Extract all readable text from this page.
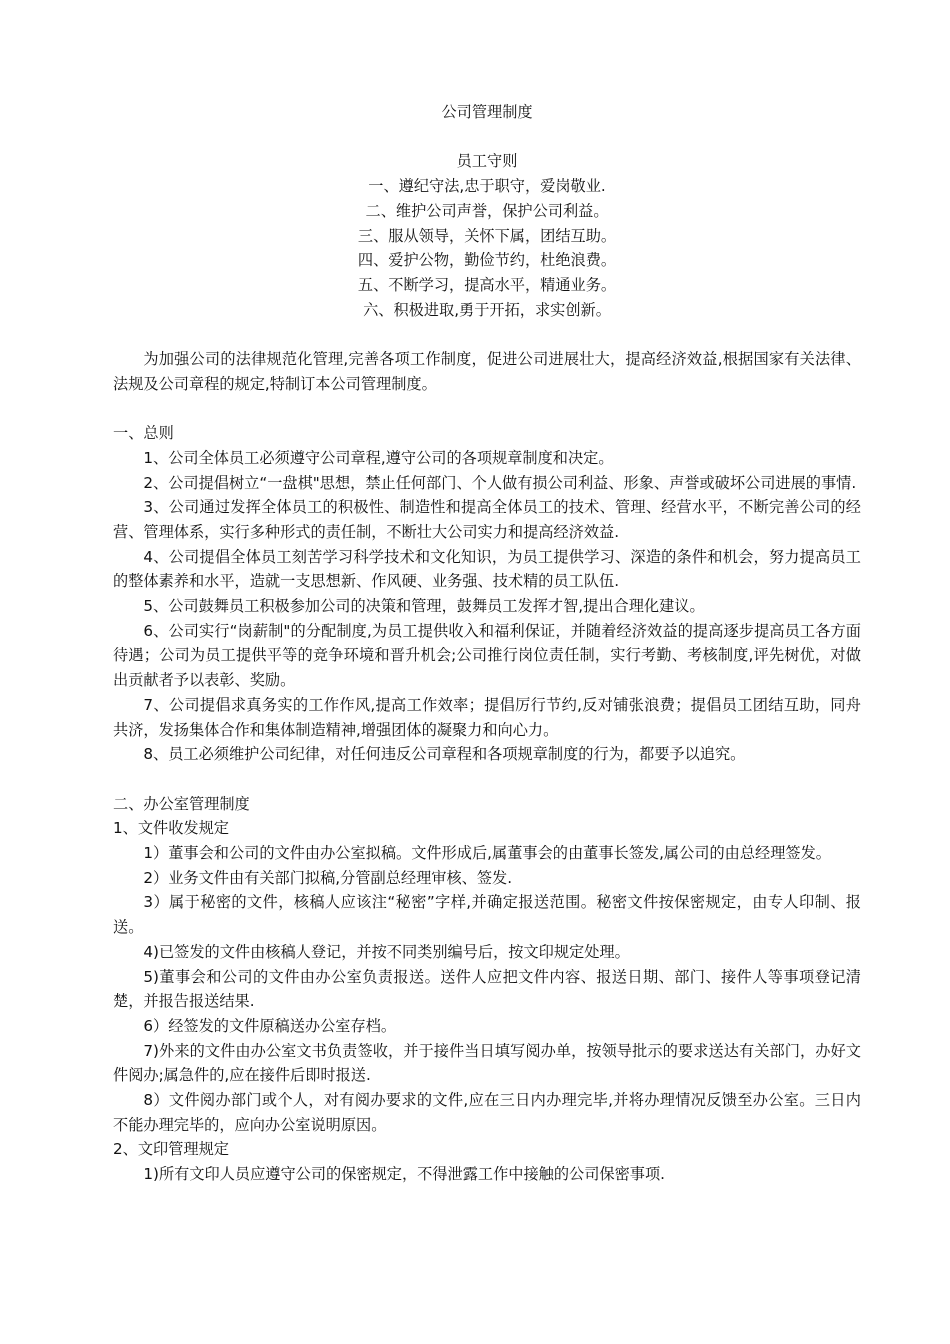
公司管理制度

员工守则

一、遵纪守法,忠于职守，爱岗敬业.
二、维护公司声誉，保护公司利益。
三、服从领导，关怀下属，团结互助。
四、爱护公物，勤俭节约，杜绝浪费。
五、不断学习，提高水平，精通业务。
六、积极进取,勇于开拓，求实创新。

为加强公司的法律规范化管理,完善各项工作制度，促进公司进展壮大，提高经济效益,根据国家有关法律、法规及公司章程的规定,特制订本公司管理制度。

一、总则

1、公司全体员工必须遵守公司章程,遵守公司的各项规章制度和决定。

2、公司提倡树立“一盘棋"思想，禁止任何部门、个人做有损公司利益、形象、声誉或破坏公司进展的事情.

3、公司通过发挥全体员工的积极性、制造性和提高全体员工的技术、管理、经营水平，不断完善公司的经营、管理体系，实行多种形式的责任制，不断壮大公司实力和提高经济效益.

4、公司提倡全体员工刻苦学习科学技术和文化知识，为员工提供学习、深造的条件和机会，努力提高员工的整体素养和水平，造就一支思想新、作风硬、业务强、技术精的员工队伍.

5、公司鼓舞员工积极参加公司的决策和管理，鼓舞员工发挥才智,提出合理化建议。

6、公司实行“岗薪制"的分配制度,为员工提供收入和福利保证，并随着经济效益的提高逐步提高员工各方面待遇；公司为员工提供平等的竞争环境和晋升机会;公司推行岗位责任制，实行考勤、考核制度,评先树优，对做出贡献者予以表彰、奖励。

7、公司提倡求真务实的工作作风,提高工作效率；提倡厉行节约,反对铺张浪费；提倡员工团结互助，同舟共济，发扬集体合作和集体制造精神,增强团体的凝聚力和向心力。

8、员工必须维护公司纪律，对任何违反公司章程和各项规章制度的行为，都要予以追究。

二、办公室管理制度

1、文件收发规定

1）董事会和公司的文件由办公室拟稿。文件形成后,属董事会的由董事长签发,属公司的由总经理签发。

2）业务文件由有关部门拟稿,分管副总经理审核、签发.

3）属于秘密的文件，核稿人应该注“秘密”字样,并确定报送范围。秘密文件按保密规定，由专人印制、报送。

4)已签发的文件由核稿人登记，并按不同类别编号后，按文印规定处理。

5)董事会和公司的文件由办公室负责报送。送件人应把文件内容、报送日期、部门、接件人等事项登记清楚，并报告报送结果.

6）经签发的文件原稿送办公室存档。

7)外来的文件由办公室文书负责签收，并于接件当日填写阅办单，按领导批示的要求送达有关部门，办好文件阅办;属急件的,应在接件后即时报送.

8）文件阅办部门或个人，对有阅办要求的文件,应在三日内办理完毕,并将办理情况反馈至办公室。三日内不能办理完毕的，应向办公室说明原因。

2、文印管理规定

1)所有文印人员应遵守公司的保密规定，不得泄露工作中接触的公司保密事项.
